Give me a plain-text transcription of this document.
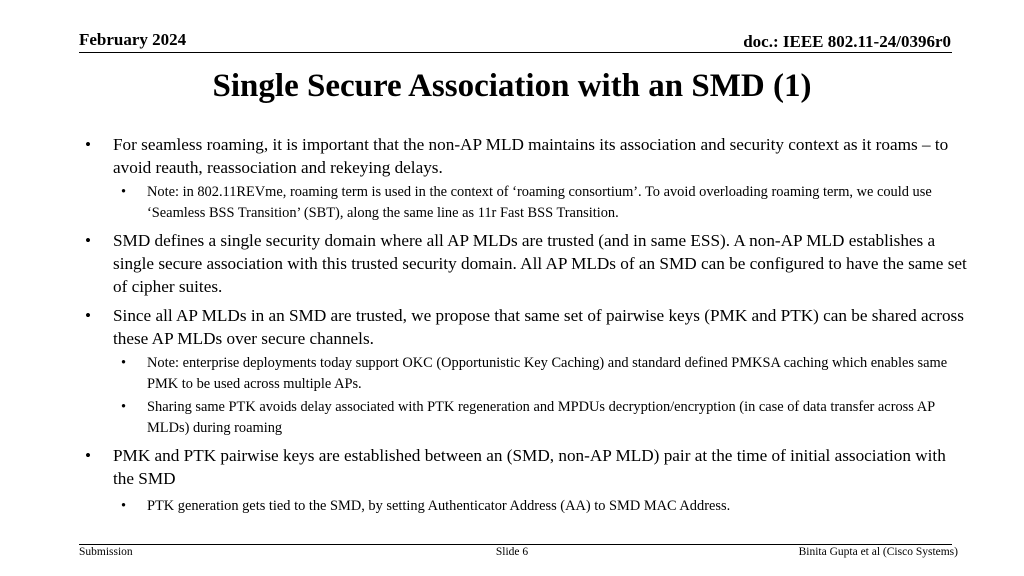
February 2024	doc.: IEEE 802.11-24/0396r0
Single Secure Association with an SMD (1)
• For seamless roaming, it is important that the non-AP MLD maintains its association and security context as it roams – to avoid reauth, reassociation and rekeying delays.
• Note: in 802.11REVme, roaming term is used in the context of ‘roaming consortium’. To avoid overloading roaming term, we could use ‘Seamless BSS Transition’ (SBT), along the same line as 11r Fast BSS Transition.
• SMD defines a single security domain where all AP MLDs are trusted (and in same ESS). A non-AP MLD establishes a single secure association with this trusted security domain. All AP MLDs of an SMD can be configured to have the same set of cipher suites.
• Since all AP MLDs in an SMD are trusted, we propose that same set of pairwise keys (PMK and PTK) can be shared across these AP MLDs over secure channels.
• Note: enterprise deployments today support OKC (Opportunistic Key Caching) and standard defined PMKSA caching which enables same PMK to be used across multiple APs.
• Sharing same PTK avoids delay associated with PTK regeneration and MPDUs decryption/encryption (in case of data transfer across AP MLDs) during roaming
• PMK and PTK pairwise keys are established between an (SMD, non-AP MLD) pair at the time of initial association with the SMD
• PTK generation gets tied to the SMD, by setting Authenticator Address (AA) to SMD MAC Address.
Submission	Slide 6	Binita Gupta et al (Cisco Systems)
